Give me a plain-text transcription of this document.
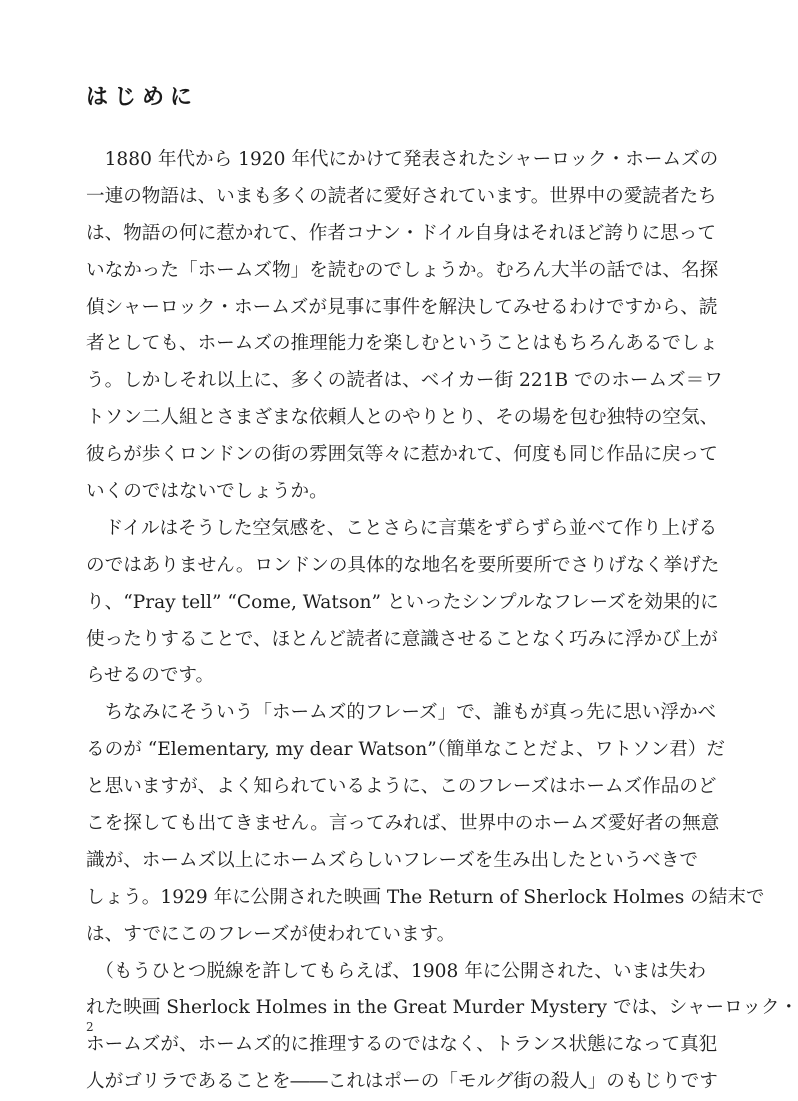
はじめに
　1880 年代から 1920 年代にかけて発表されたシャーロック・ホームズの
一連の物語は、いまも多くの読者に愛好されています。世界中の愛読者たち
は、物語の何に惹かれて、作者コナン・ドイル自身はそれほど誇りに思って
いなかった「ホームズ物」を読むのでしょうか。むろん大半の話では、名探
偵シャーロック・ホームズが見事に事件を解決してみせるわけですから、読
者としても、ホームズの推理能力を楽しむということはもちろんあるでしょ
う。しかしそれ以上に、多くの読者は、ベイカー街 221B でのホームズ＝ワ
トソン二人組とさまざまな依頼人とのやりとり、その場を包む独特の空気、
彼らが歩くロンドンの街の雰囲気等々に惹かれて、何度も同じ作品に戻って
いくのではないでしょうか。
　ドイルはそうした空気感を、ことさらに言葉をずらずら並べて作り上げる
のではありません。ロンドンの具体的な地名を要所要所でさりげなく挙げた
り、“Pray tell” “Come, Watson” といったシンプルなフレーズを効果的に
使ったりすることで、ほとんど読者に意識させることなく巧みに浮かび上が
らせるのです。
　ちなみにそういう「ホームズ的フレーズ」で、誰もが真っ先に思い浮かべ
るのが “Elementary, my dear Watson”（簡単なことだよ、ワトソン君）だ
と思いますが、よく知られているように、このフレーズはホームズ作品のど
こを探しても出てきません。言ってみれば、世界中のホームズ愛好者の無意
識が、ホームズ以上にホームズらしいフレーズを生み出したというべきで
しょう。1929 年に公開された映画 The Return of Sherlock Holmes の結末で
は、すでにこのフレーズが使われています。
　（もうひとつ脱線を許してもらえば、1908 年に公開された、いまは失わ
れた映画 Sherlock Holmes in the Great Murder Mystery では、シャーロック・
ホームズが、ホームズ的に推理するのではなく、トランス状態になって真犯
人がゴリラであることを――これはポーの「モルグ街の殺人」のもじりです
2
